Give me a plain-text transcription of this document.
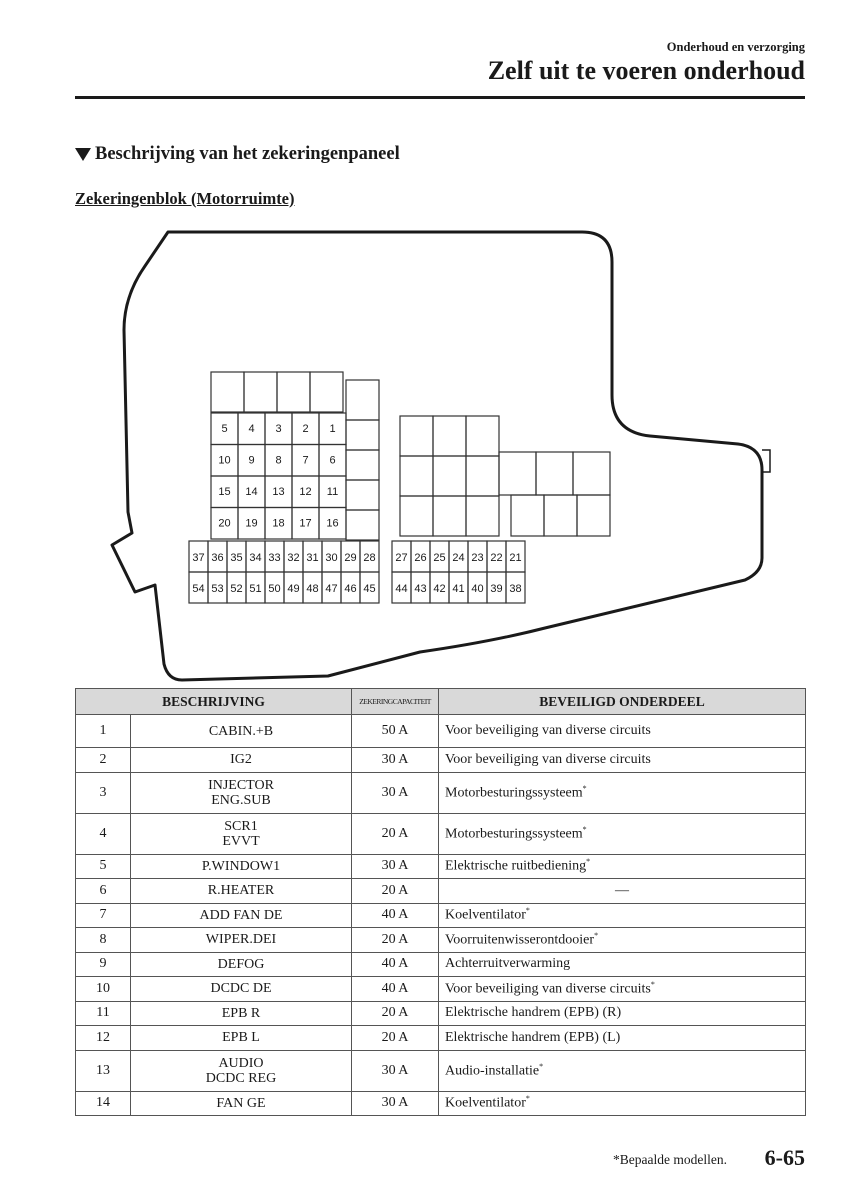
Onderhoud en verzorging
Zelf uit te voeren onderhoud
Beschrijving van het zekeringenpaneel
Zekeringenblok (Motorruimte)
5 4 3 2 1
10 9 8 7 6
15 14 13 12 11
20 19 18 17 16
37
54
36
53
35
52
34
51
33
50
32
49
31
48
30
47
29
46
28
45
27
44
26
43
25
42
24
41
23
40
22
39
21
38
BESCHRIJVING		ZEKERINGCAPACITEIT	BEVEILIGD ONDERDEEL
1	CABIN.+B	50 A	Voor beveiliging van diverse circuits
2	IG2	30 A	Voor beveiliging van diverse circuits
3	INJECTOR
ENG.SUB	30 A	Motorbesturingssysteem*
4	SCR1
EVVT	20 A	Motorbesturingssysteem*
5	P.WINDOW1	30 A	Elektrische ruitbediening*
6	R.HEATER	20 A	—
7	ADD FAN DE	40 A	Koelventilator*
8	WIPER.DEI	20 A	Voorruitenwisserontdooier*
9	DEFOG	40 A	Achterruitverwarming
10	DCDC DE	40 A	Voor beveiliging van diverse circuits*
11	EPB R	20 A	Elektrische handrem (EPB) (R)
12	EPB L	20 A	Elektrische handrem (EPB) (L)
13	AUDIO
DCDC REG	30 A	Audio-installatie*
14	FAN GE	30 A	Koelventilator*
*Bepaalde modellen. 6-65
